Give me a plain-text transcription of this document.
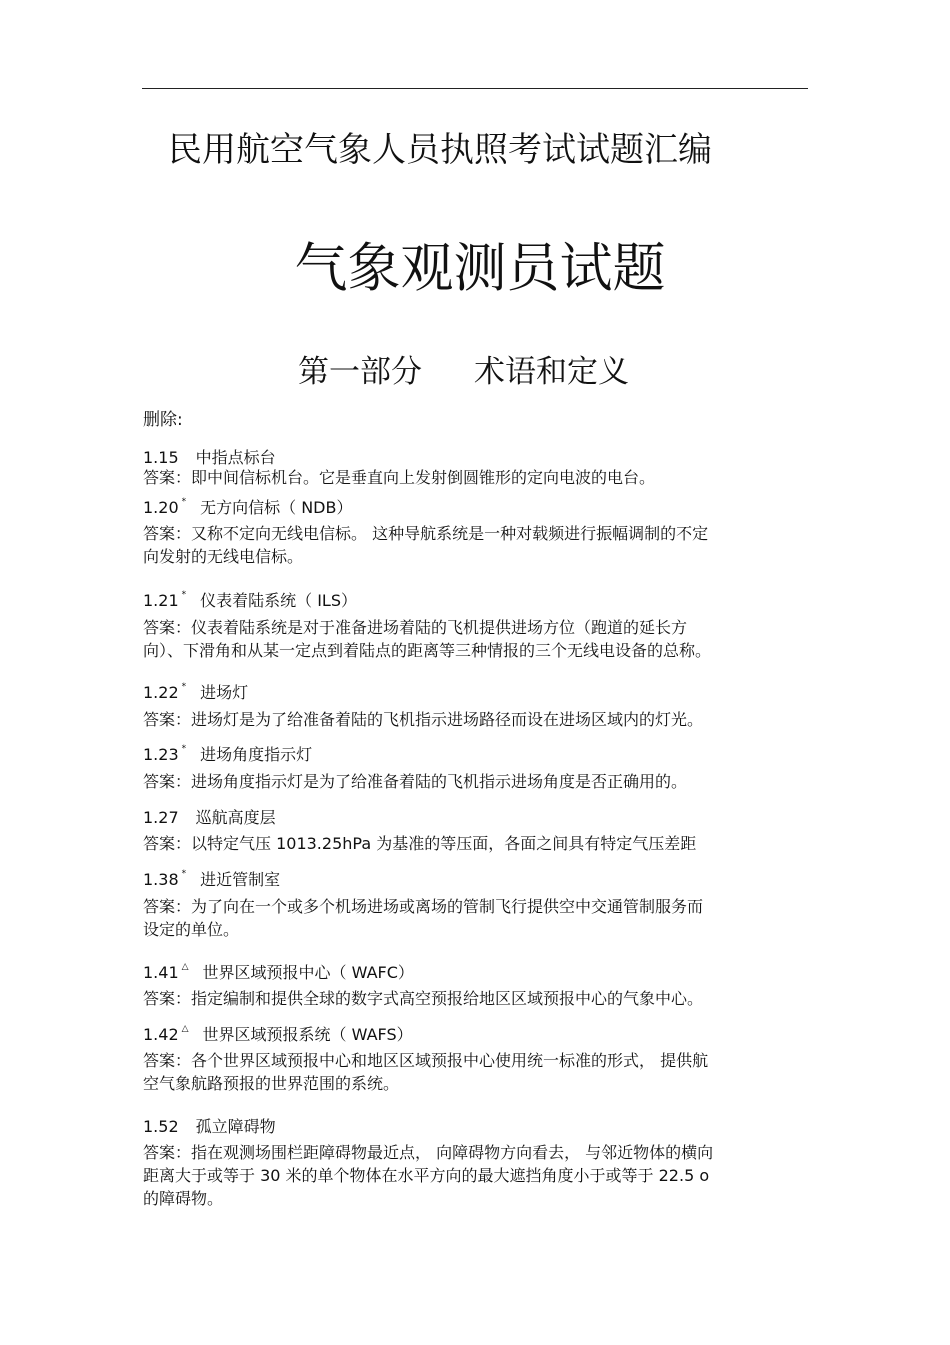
民用航空气象人员执照考试试题汇编
气象观测员试题
第一部分 术语和定义
删除:
1.15 中指点标台
答案：即中间信标机台。它是垂直向上发射倒圆锥形的定向电波的电台。
1.20 * 无方向信标（ NDB）
答案：又称不定向无线电信标。 这种导航系统是一种对载频进行振幅调制的不定
向发射的无线电信标。
1.21 * 仪表着陆系统（ ILS）
答案：仪表着陆系统是对于准备进场着陆的飞机提供进场方位（跑道的延长方
向）、下滑角和从某一定点到着陆点的距离等三种情报的三个无线电设备的总称。
1.22 * 进场灯
答案：进场灯是为了给准备着陆的飞机指示进场路径而设在进场区域内的灯光。
1.23 * 进场角度指示灯
答案：进场角度指示灯是为了给准备着陆的飞机指示进场角度是否正确用的。
1.27 巡航高度层
答案：以特定气压 1013.25hPa 为基准的等压面，各面之间具有特定气压差距
1.38 * 进近管制室
答案：为了向在一个或多个机场进场或离场的管制飞行提供空中交通管制服务而
设定的单位。
1.41 △ 世界区域预报中心（ WAFC）
答案：指定编制和提供全球的数字式高空预报给地区区域预报中心的气象中心。
1.42 △ 世界区域预报系统（ WAFS）
答案：各个世界区域预报中心和地区区域预报中心使用统一标准的形式， 提供航
空气象航路预报的世界范围的系统。
1.52 孤立障碍物
答案：指在观测场围栏距障碍物最近点， 向障碍物方向看去， 与邻近物体的横向
距离大于或等于 30 米的单个物体在水平方向的最大遮挡角度小于或等于 22.5 o
的障碍物。
